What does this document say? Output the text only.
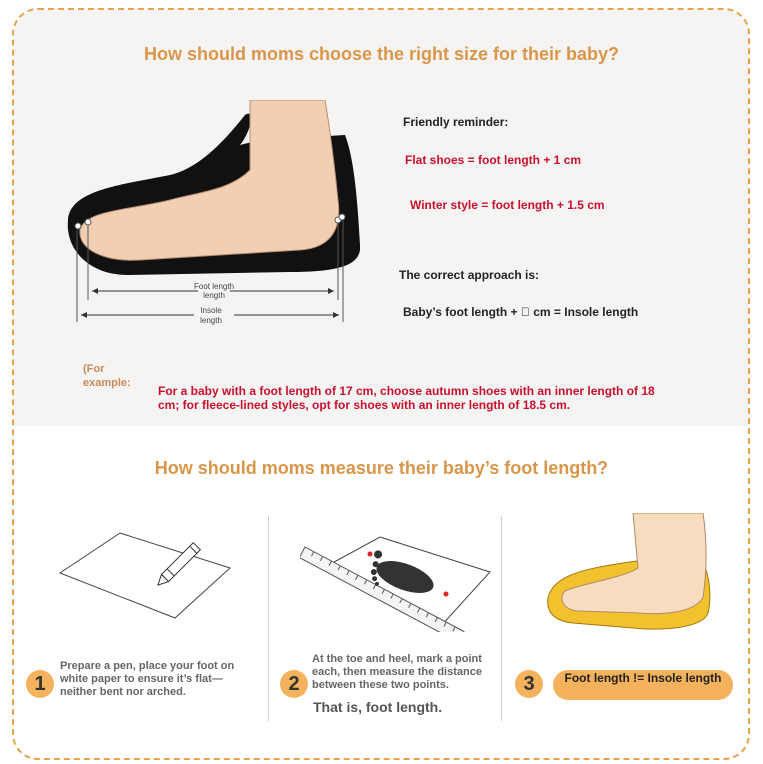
How should moms choose the right size for their baby?
Foot length
length
Insole
length
Friendly reminder:
Flat shoes = foot length + 1 cm
Winter style = foot length + 1.5 cm
The correct approach is:
Baby’s foot length +   cm = Insole length
(For example:
For a baby with a foot length of 17 cm, choose autumn shoes with an inner length of 18 cm; for fleece-lined styles, opt for shoes with an inner length of 18.5 cm.
How should moms measure their baby’s foot length?
1
Prepare a pen, place your foot on white paper to ensure it’s flat—neither bent nor arched.	2
At the toe and heel, mark a point each, then measure the distance between these two points.
That is, foot length.
3	Foot length != Insole length
